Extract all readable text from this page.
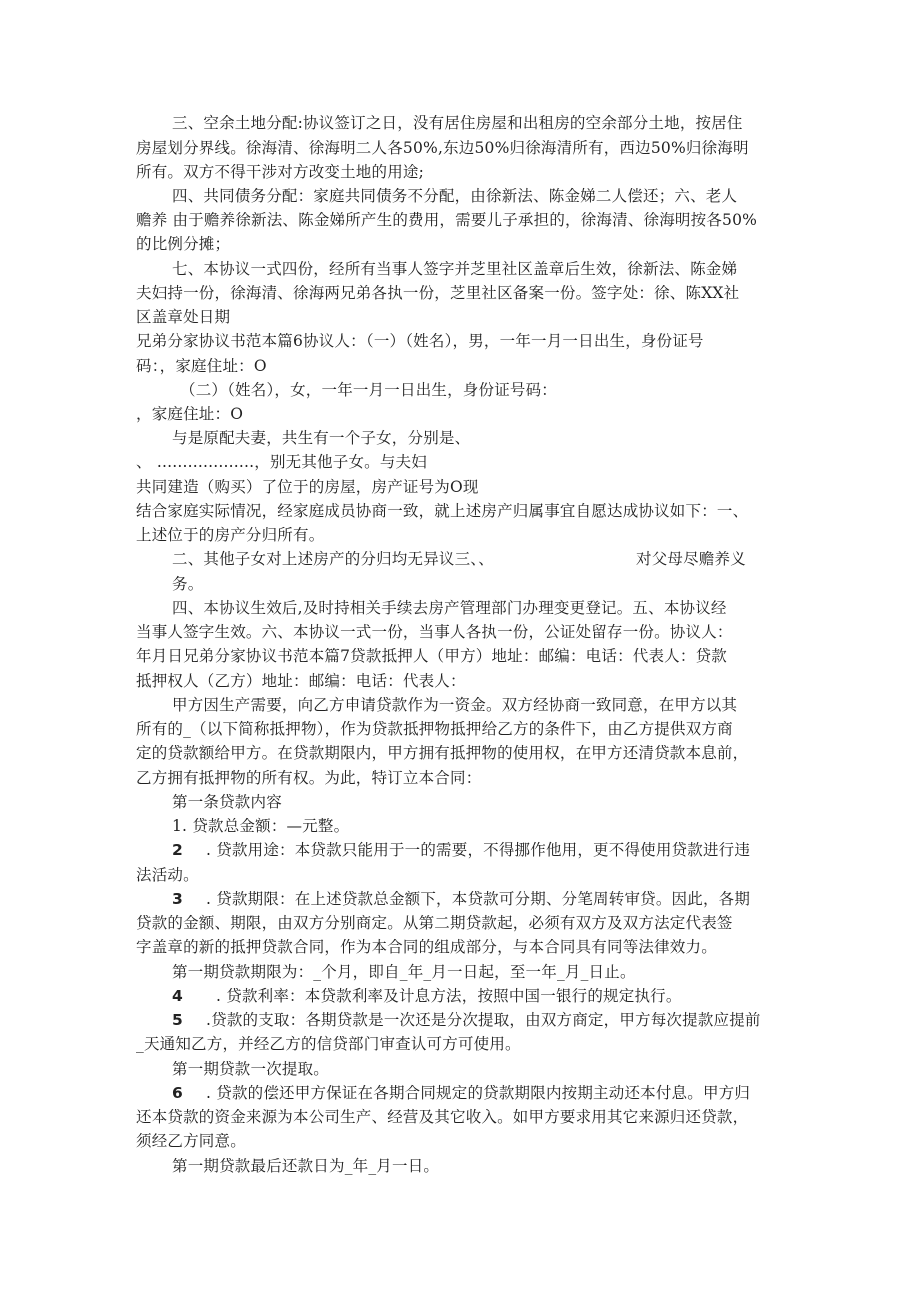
三、空余土地分配:协议签订之日，没有居住房屋和出租房的空余部分土地，按居住
房屋划分界线。徐海清、徐海明二人各50%,东边50%归徐海清所有，西边50%归徐海明
所有。双方不得干涉对方改变土地的用途;
四、共同债务分配：家庭共同债务不分配，由徐新法、陈金娣二人偿还；六、老人
赡养 由于赡养徐新法、陈金娣所产生的费用，需要儿子承担的，徐海清、徐海明按各50%
的比例分摊；
七、本协议一式四份，经所有当事人签字并芝里社区盖章后生效，徐新法、陈金娣
夫妇持一份，徐海清、徐海两兄弟各执一份，芝里社区备案一份。签字处：徐、陈XX社
区盖章处日期
兄弟分家协议书范本篇6协议人：（一）（姓名），男，一年一月一日出生，身份证号
码：，家庭住址：O
（二）（姓名），女，一年一月一日出生，身份证号码：
，家庭住址：O
与是原配夫妻，共生有一个子女，分别是、
、 ...................，别无其他子女。与夫妇
共同建造（购买）了位于的房屋，房产证号为O现
结合家庭实际情况，经家庭成员协商一致，就上述房产归属事宜自愿达成协议如下：一、
上述位于的房产分归所有。
二、其他子女对上述房产的分归均无异议三、、	对父母尽赡养义
务。
四、本协议生效后,及时持相关手续去房产管理部门办理变更登记。五、本协议经
当事人签字生效。六、本协议一式一份，当事人各执一份，公证处留存一份。协议人：
年月日兄弟分家协议书范本篇7贷款抵押人（甲方）地址：邮编：电话：代表人：贷款
抵押权人（乙方）地址：邮编：电话：代表人：
甲方因生产需要，向乙方申请贷款作为一资金。双方经协商一致同意，在甲方以其
所有的_（以下简称抵押物），作为贷款抵押物抵押给乙方的条件下，由乙方提供双方商
定的贷款额给甲方。在贷款期限内，甲方拥有抵押物的使用权，在甲方还清贷款本息前，
乙方拥有抵押物的所有权。为此，特订立本合同：
第一条贷款内容
1. 贷款总金额：—元整。
2 . 贷款用途：本贷款只能用于一的需要，不得挪作他用，更不得使用贷款进行违
法活动。
3 . 贷款期限：在上述贷款总金额下，本贷款可分期、分笔周转审贷。因此，各期
贷款的金额、期限，由双方分别商定。从第二期贷款起，必须有双方及双方法定代表签
字盖章的新的抵押贷款合同，作为本合同的组成部分，与本合同具有同等法律效力。
第一期贷款期限为：_个月，即自_年_月一日起，至一年_月_日止。
4 . 贷款利率：本贷款利率及计息方法，按照中国一银行的规定执行。
5 .贷款的支取：各期贷款是一次还是分次提取，由双方商定，甲方每次提款应提前
_天通知乙方，并经乙方的信贷部门审查认可方可使用。
第一期贷款一次提取。
6 . 贷款的偿还甲方保证在各期合同规定的贷款期限内按期主动还本付息。甲方归
还本贷款的资金来源为本公司生产、经营及其它收入。如甲方要求用其它来源归还贷款，
须经乙方同意。
第一期贷款最后还款日为_年_月一日。
